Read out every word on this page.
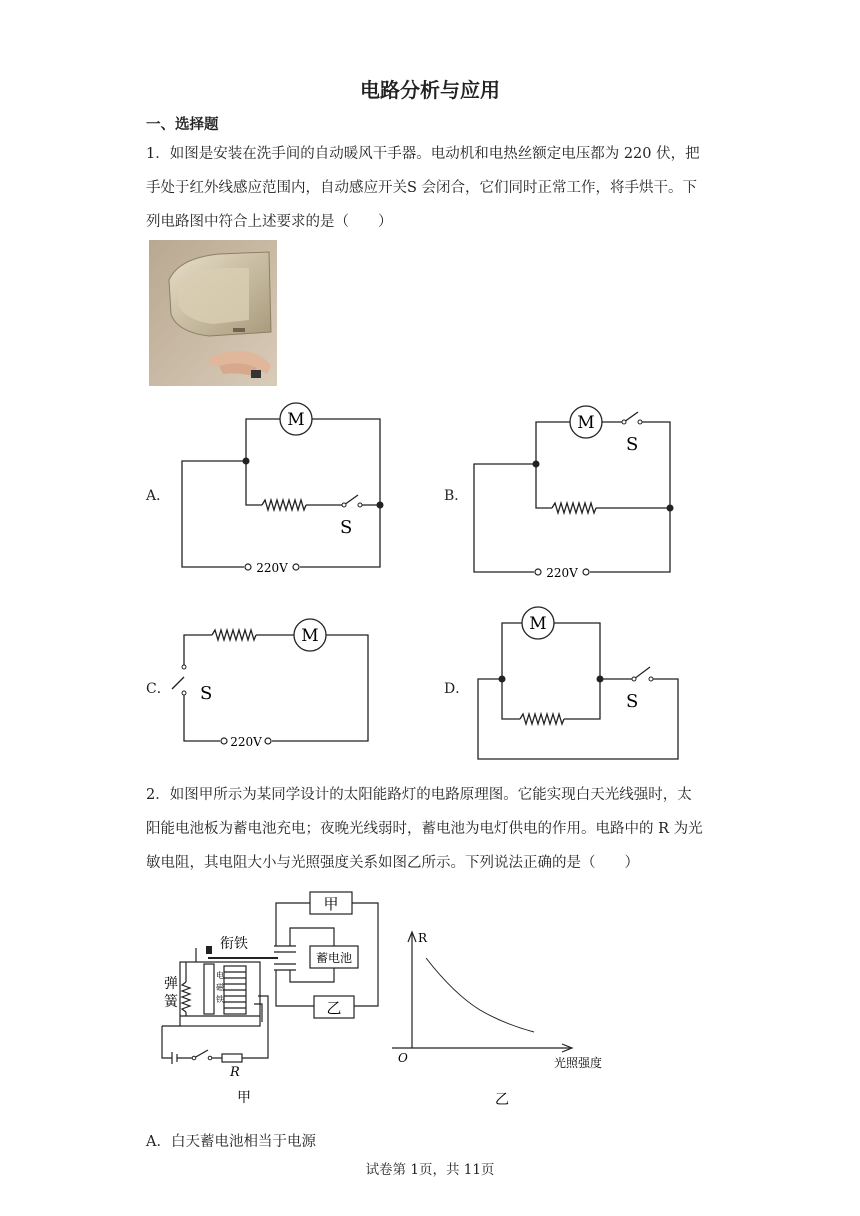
电路分析与应用
一、选择题
1．如图是安装在洗手间的自动暖风干手器。电动机和电热丝额定电压都为 220 伏，把
手处于红外线感应范围内，自动感应开关S 会闭合，它们同时正常工作，将手烘干。下
列电路图中符合上述要求的是（　　）
A．	B．
C．	D．
M
S
220V
M
S
220V
M
S
220V
M
S
2．如图甲所示为某同学设计的太阳能路灯的电路原理图。它能实现白天光线强时，太
阳能电池板为蓄电池充电；夜晚光线弱时，蓄电池为电灯供电的作用。电路中的 R 为光
敏电阻，其电阻大小与光照强度关系如图乙所示。下列说法正确的是（　　）
甲
乙
蓄电池
衔铁
弹
簧
电
磁
铁
R
甲
R
O	光照强度
乙
A．白天蓄电池相当于电源
试卷第 1页，共 11页
